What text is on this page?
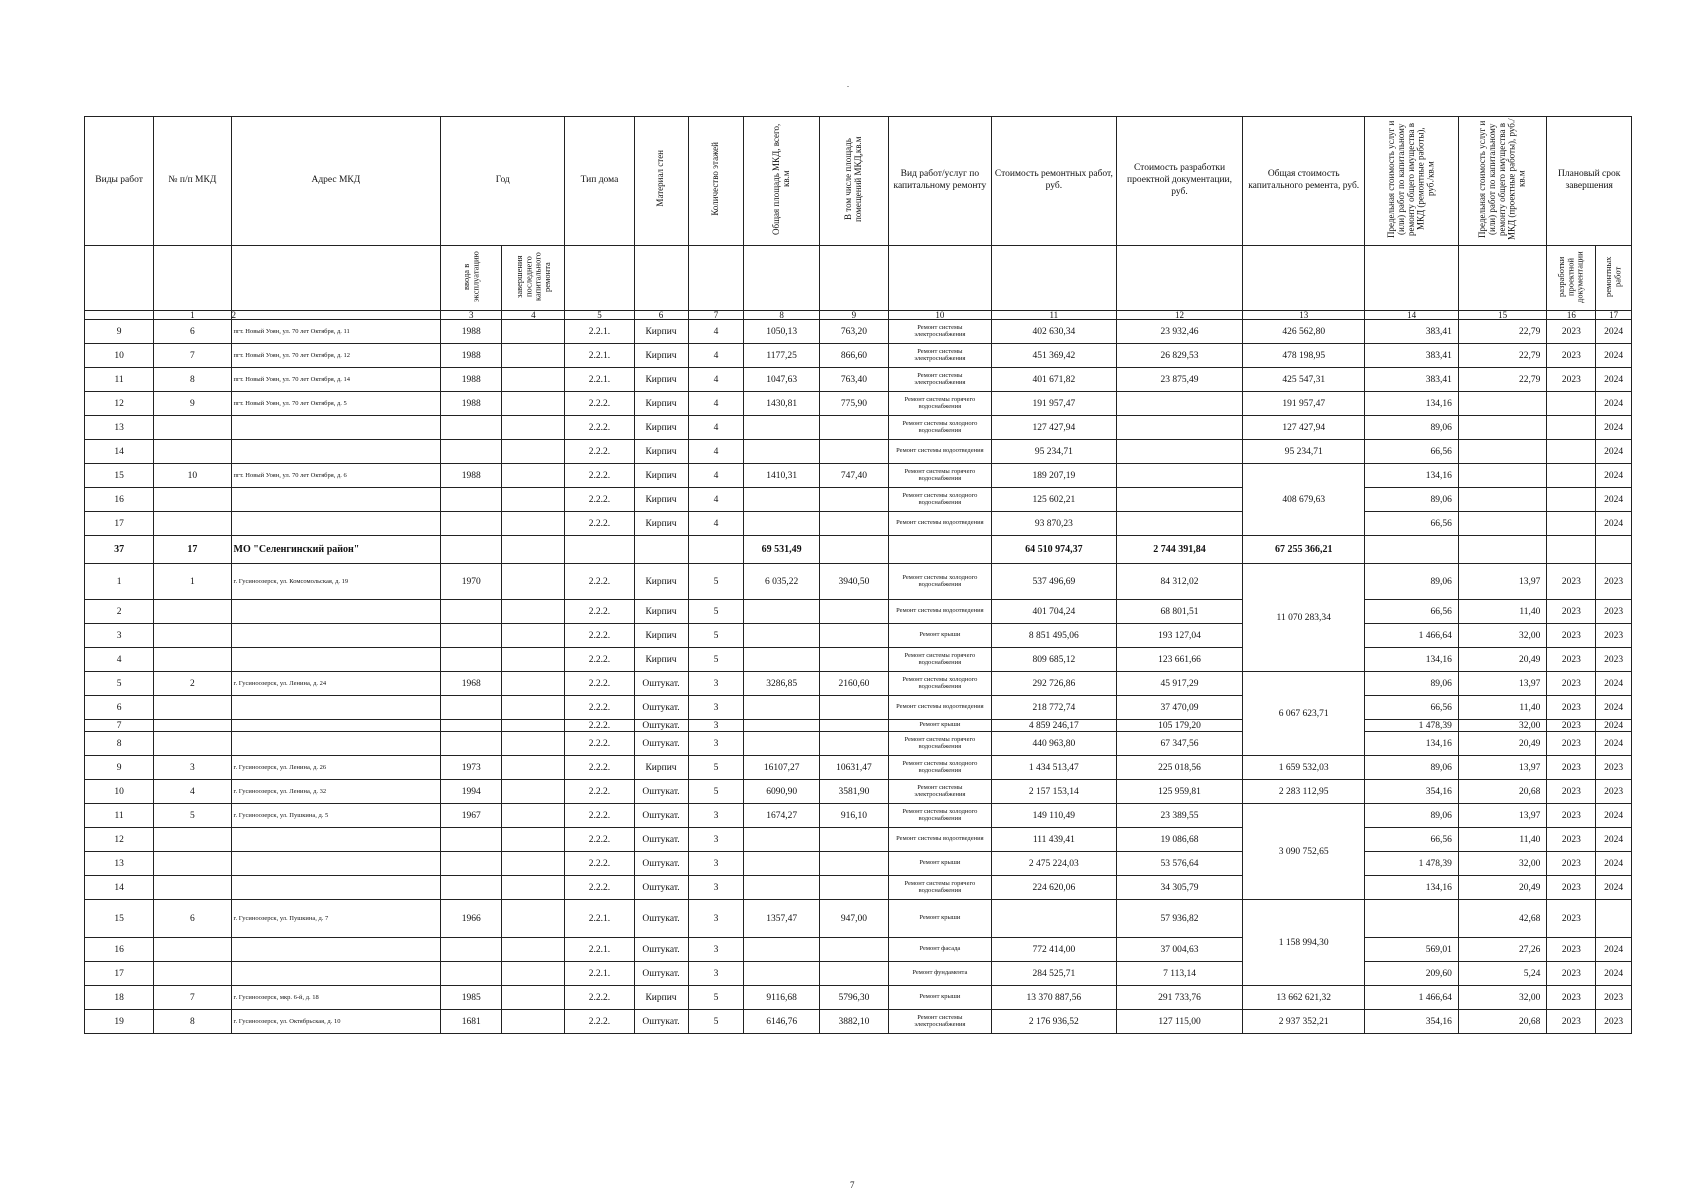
.
Виды работ	№ п/п МКД	Адрес МКД	Год		Тип дома	Материал стен	Количество этажей	Общая площадь МКД, всего, кв.м	В том числе площадь помещений МКД,кв.м	Вид работ/услуг по капитальному ремонту	Стоимость ремонтных работ, руб.	Стоимость разработки проектной документации, руб.	Общая стоимость капитального ремента, руб.	Предельная стоимость услуг и (или) работ по капитальному ремонту общего имущества в МКД (ремонтные работы), руб./кв.м	Предельная стоимость услуг и (или) работ по капитальному ремонту общего имущества в МКД (проектные работы), руб./кв.м	Плановый срок завершения	
			ввода в эксплуатацию	завершения последнего капитального ремонта												разработки проектной документации	ремонтных работ
	1	2	3	4	5	6	7	8	9	10	11	12	13	14	15	16	17
9	6	пгт. Новый Уоян, ул. 70 лет Октября, д. 11	1988		2.2.1.	Кирпич	4	1050,13	763,20	Ремонт системы электроснабжения	402 630,34	23 932,46	426 562,80	383,41	22,79	2023	2024
10	7	пгт. Новый Уоян, ул. 70 лет Октября, д. 12	1988		2.2.1.	Кирпич	4	1177,25	866,60	Ремонт системы электроснабжения	451 369,42	26 829,53	478 198,95	383,41	22,79	2023	2024
11	8	пгт. Новый Уоян, ул. 70 лет Октября, д. 14	1988		2.2.1.	Кирпич	4	1047,63	763,40	Ремонт системы электроснабжения	401 671,82	23 875,49	425 547,31	383,41	22,79	2023	2024
12	9	пгт. Новый Уоян, ул. 70 лет Октября, д. 5	1988		2.2.2.	Кирпич	4	1430,81	775,90	Ремонт системы горячего водоснабжения	191 957,47		191 957,47	134,16			2024
13					2.2.2.	Кирпич	4			Ремонт системы холодного водоснабжения	127 427,94		127 427,94	89,06			2024
14					2.2.2.	Кирпич	4			Ремонт системы водоотведения	95 234,71		95 234,71	66,56			2024
15	10	пгт. Новый Уоян, ул. 70 лет Октября, д. 6	1988		2.2.2.	Кирпич	4	1410,31	747,40	Ремонт системы горячего водоснабжения	189 207,19		408 679,63	134,16			2024
16					2.2.2.	Кирпич	4			Ремонт системы холодного водоснабжения	125 602,21			89,06			2024
17					2.2.2.	Кирпич	4			Ремонт системы водоотведения	93 870,23			66,56			2024
37	17	МО "Селенгинский район"						69 531,49			64 510 974,37	2 744 391,84	67 255 366,21				
1	1	г. Гусиноозерск, ул. Комсомольская, д. 19	1970		2.2.2.	Кирпич	5	6 035,22	3940,50	Ремонт системы холодного водоснабжения	537 496,69	84 312,02	11 070 283,34	89,06	13,97	2023	2023
2					2.2.2.	Кирпич	5			Ремонт системы водоотведения	401 704,24	68 801,51		66,56	11,40	2023	2023
3					2.2.2.	Кирпич	5			Ремонт крыши	8 851 495,06	193 127,04		1 466,64	32,00	2023	2023
4					2.2.2.	Кирпич	5			Ремонт системы горячего водоснабжения	809 685,12	123 661,66		134,16	20,49	2023	2023
5	2	г. Гусиноозерск, ул. Ленина, д. 24	1968		2.2.2.	Оштукат.	3	3286,85	2160,60	Ремонт системы холодного водоснабжения	292 726,86	45 917,29	6 067 623,71	89,06	13,97	2023	2024
6					2.2.2.	Оштукат.	3			Ремонт системы водоотведения	218 772,74	37 470,09		66,56	11,40	2023	2024
7					2.2.2.	Оштукат.	3			Ремонт крыши	4 859 246,17	105 179,20		1 478,39	32,00	2023	2024
8					2.2.2.	Оштукат.	3			Ремонт системы горячего водоснабжения	440 963,80	67 347,56		134,16	20,49	2023	2024
9	3	г. Гусиноозерск, ул. Ленина, д. 26	1973		2.2.2.	Кирпич	5	16107,27	10631,47	Ремонт системы холодного водоснабжения	1 434 513,47	225 018,56	1 659 532,03	89,06	13,97	2023	2023
10	4	г. Гусиноозерск, ул. Ленина, д. 32	1994		2.2.2.	Оштукат.	5	6090,90	3581,90	Ремонт системы электроснабжения	2 157 153,14	125 959,81	2 283 112,95	354,16	20,68	2023	2023
11	5	г. Гусиноозерск, ул. Пушкина, д. 5	1967		2.2.2.	Оштукат.	3	1674,27	916,10	Ремонт системы холодного водоснабжения	149 110,49	23 389,55	3 090 752,65	89,06	13,97	2023	2024
12					2.2.2.	Оштукат.	3			Ремонт системы водоотведения	111 439,41	19 086,68		66,56	11,40	2023	2024
13					2.2.2.	Оштукат.	3			Ремонт крыши	2 475 224,03	53 576,64		1 478,39	32,00	2023	2024
14					2.2.2.	Оштукат.	3			Ремонт системы горячего водоснабжения	224 620,06	34 305,79		134,16	20,49	2023	2024
15	6	г. Гусиноозерск, ул. Пушкина, д. 7	1966		2.2.1.	Оштукат.	3	1357,47	947,00	Ремонт крыши		57 936,82	1 158 994,30		42,68	2023	
16					2.2.1.	Оштукат.	3			Ремонт фасада	772 414,00	37 004,63		569,01	27,26	2023	2024
17					2.2.1.	Оштукат.	3			Ремонт фундамента	284 525,71	7 113,14		209,60	5,24	2023	2024
18	7	г. Гусиноозерск, мкр. 6-й, д. 18	1985		2.2.2.	Кирпич	5	9116,68	5796,30	Ремонт крыши	13 370 887,56	291 733,76	13 662 621,32	1 466,64	32,00	2023	2023
19	8	г. Гусиноозерск, ул. Октябрьская, д. 10	1681		2.2.2.	Оштукат.	5	6146,76	3882,10	Ремонт системы электроснабжения	2 176 936,52	127 115,00	2 937 352,21	354,16	20,68	2023	2023
7
